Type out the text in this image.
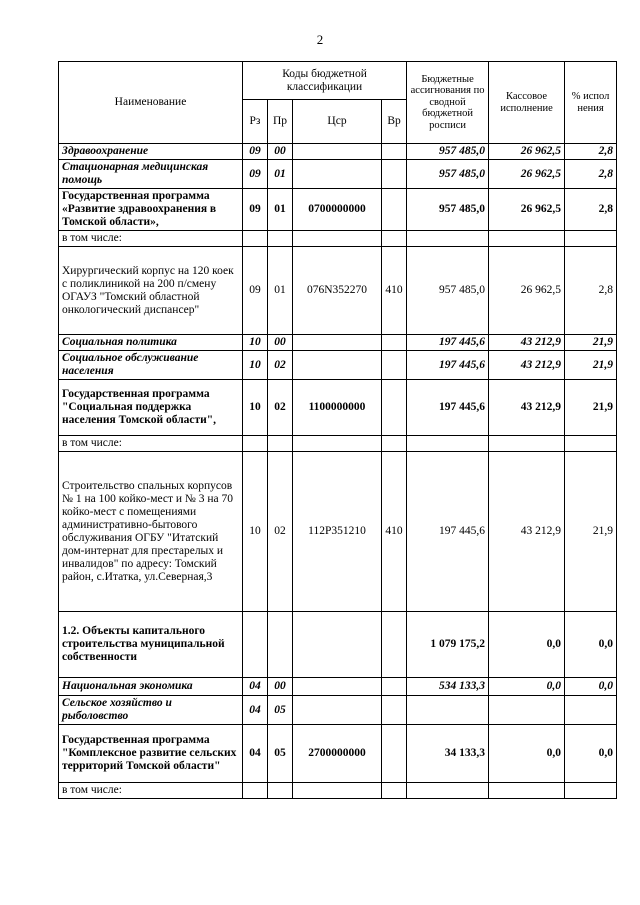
2
Наименование	Коды бюджетной классификации				Бюджетные ассигнования по сводной бюджетной росписи	Кассовое исполнение	% испол нения
	Рз	Пр	Цср	Вр			
Здравоохранение	09	00			957 485,0	26 962,5	2,8
Стационарная медицинская помощь	09	01			957 485,0	26 962,5	2,8
Государственная программа «Развитие здравоохранения в Томской области»,	09	01	0700000000		957 485,0	26 962,5	2,8
в том числе:							
Хирургический корпус на 120 коек с поликлиникой на 200 п/смену ОГАУЗ "Томский областной онкологический диспансер"	09	01	076N352270	410	957 485,0	26 962,5	2,8
Социальная политика	10	00			197 445,6	43 212,9	21,9
Социальное обслуживание населения	10	02			197 445,6	43 212,9	21,9
Государственная программа "Социальная поддержка населения Томской области",	10	02	1100000000		197 445,6	43 212,9	21,9
в том числе:							
Строительство спальных корпусов № 1 на 100 койко-мест и № 3 на 70 койко-мест с помещениями административно-бытового обслуживания ОГБУ "Итатский дом-интернат для престарелых и инвалидов" по адресу: Томский район, с.Итатка, ул.Северная,3	10	02	112P351210	410	197 445,6	43 212,9	21,9
1.2. Объекты капитального строительства муниципальной собственности					1 079 175,2	0,0	0,0
Национальная экономика	04	00			534 133,3	0,0	0,0
Сельское хозяйство и рыболовство	04	05					
Государственная программа "Комплексное развитие сельских территорий Томской области"	04	05	2700000000		34 133,3	0,0	0,0
в том числе:							
